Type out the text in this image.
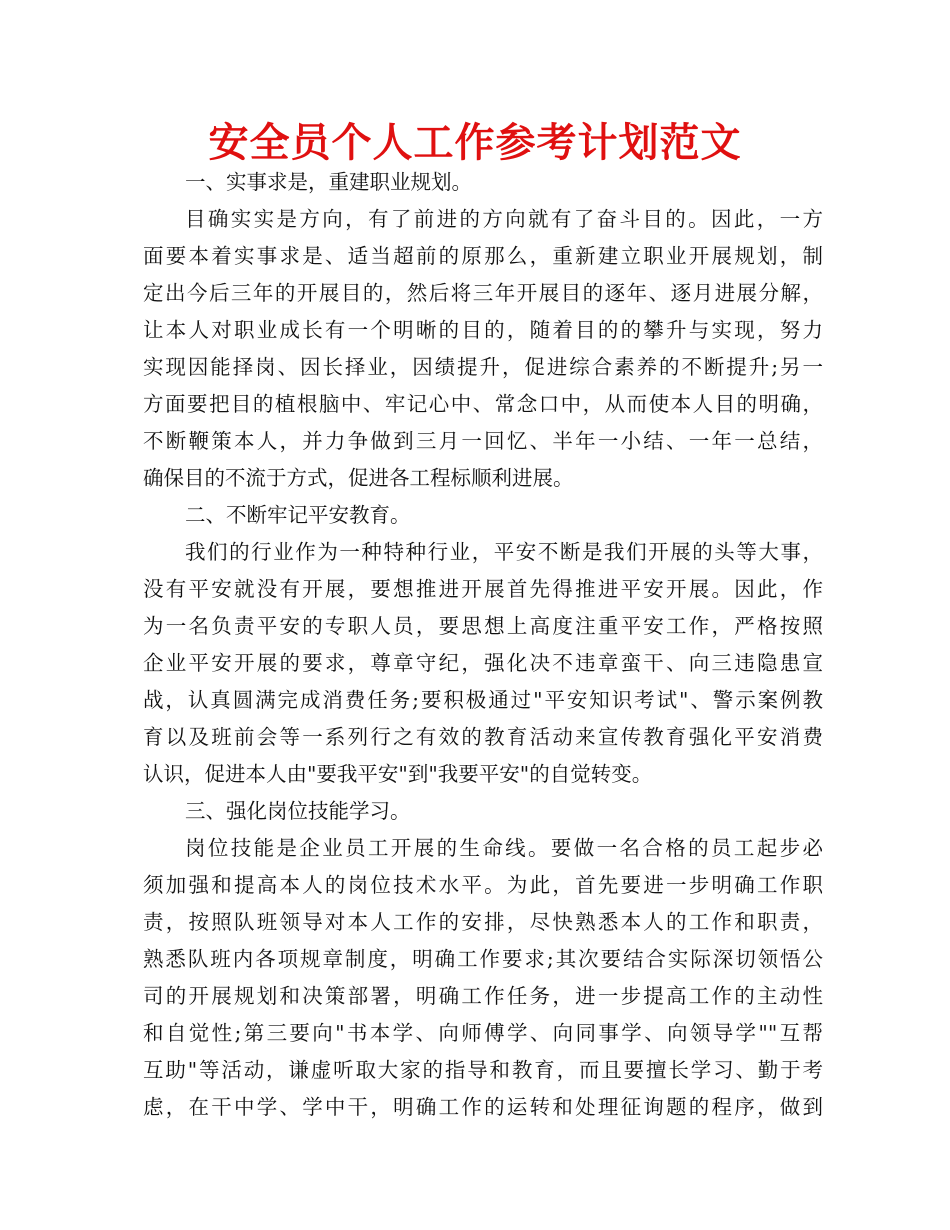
安全员个人工作参考计划范文
一、实事求是，重建职业规划。
目确实实是方向，有了前进的方向就有了奋斗目的。因此，一方
面要本着实事求是、适当超前的原那么，重新建立职业开展规划，制
定出今后三年的开展目的，然后将三年开展目的逐年、逐月进展分解，
让本人对职业成长有一个明晰的目的，随着目的的攀升与实现，努力
实现因能择岗、因长择业，因绩提升，促进综合素养的不断提升;另一
方面要把目的植根脑中、牢记心中、常念口中，从而使本人目的明确，
不断鞭策本人，并力争做到三月一回忆、半年一小结、一年一总结，
确保目的不流于方式，促进各工程标顺利进展。
二、不断牢记平安教育。
我们的行业作为一种特种行业，平安不断是我们开展的头等大事，
没有平安就没有开展，要想推进开展首先得推进平安开展。因此，作
为一名负责平安的专职人员，要思想上高度注重平安工作，严格按照
企业平安开展的要求，尊章守纪，强化决不违章蛮干、向三违隐患宣
战，认真圆满完成消费任务;要积极通过"平安知识考试"、警示案例教
育以及班前会等一系列行之有效的教育活动来宣传教育强化平安消费
认识，促进本人由"要我平安"到"我要平安"的自觉转变。
三、强化岗位技能学习。
岗位技能是企业员工开展的生命线。要做一名合格的员工起步必
须加强和提高本人的岗位技术水平。为此，首先要进一步明确工作职
责，按照队班领导对本人工作的安排，尽快熟悉本人的工作和职责，
熟悉队班内各项规章制度，明确工作要求;其次要结合实际深切领悟公
司的开展规划和决策部署，明确工作任务，进一步提高工作的主动性
和自觉性;第三要向"书本学、向师傅学、向同事学、向领导学""互帮
互助"等活动，谦虚听取大家的指导和教育，而且要擅长学习、勤于考
虑，在干中学、学中干，明确工作的运转和处理征询题的程序，做到
